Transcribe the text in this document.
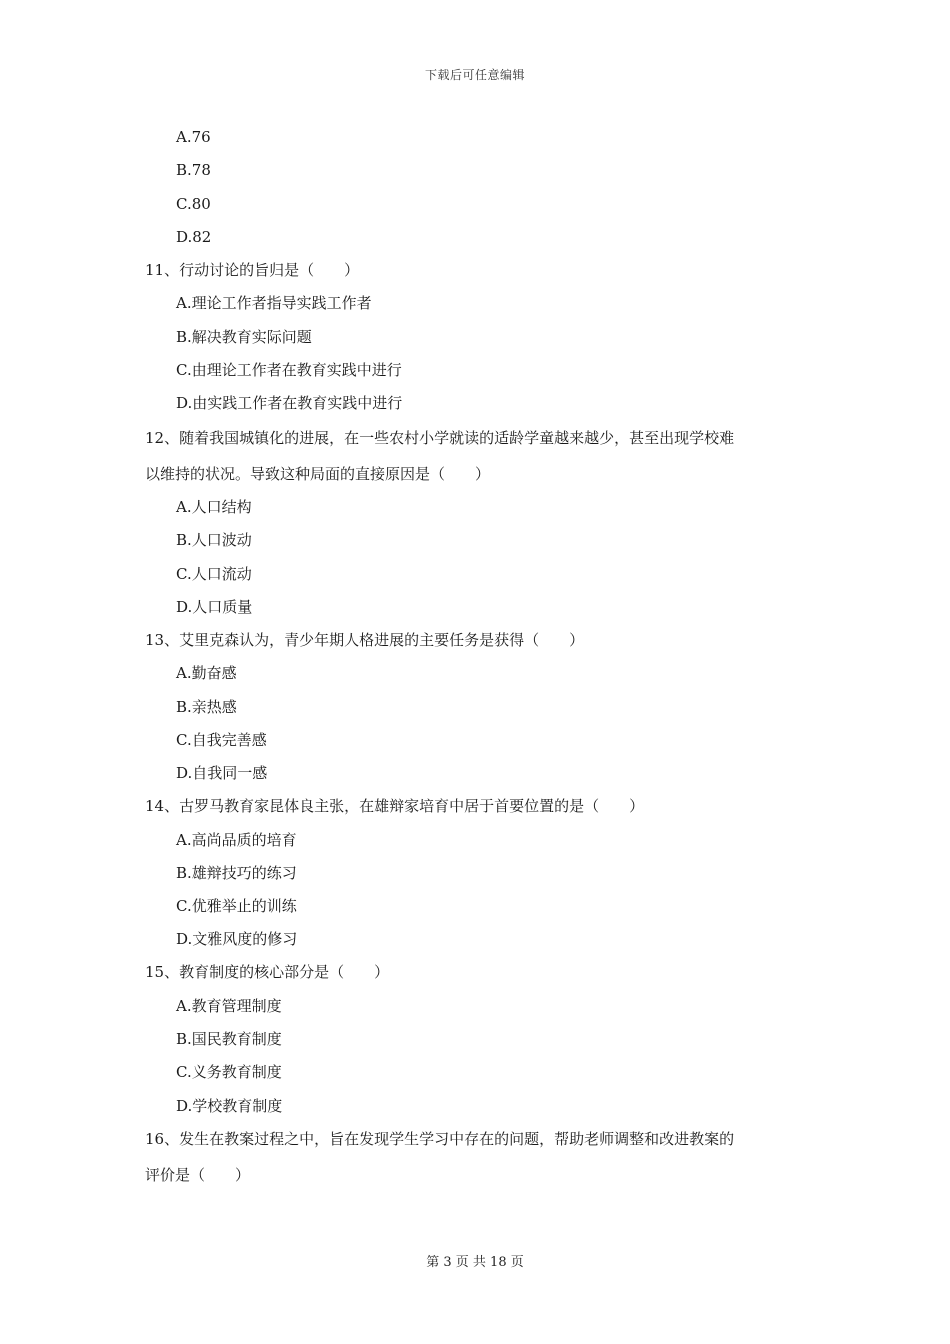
下载后可任意编辑
A.76
B.78
C.80
D.82
11、行动讨论的旨归是（　　）
A.理论工作者指导实践工作者
B.解决教育实际问题
C.由理论工作者在教育实践中进行
D.由实践工作者在教育实践中进行
12、随着我国城镇化的进展，在一些农村小学就读的适龄学童越来越少，甚至出现学校难
以维持的状况。导致这种局面的直接原因是（　　）
A.人口结构
B.人口波动
C.人口流动
D.人口质量
13、艾里克森认为，青少年期人格进展的主要任务是获得（　　）
A.勤奋感
B.亲热感
C.自我完善感
D.自我同一感
14、古罗马教育家昆体良主张，在雄辩家培育中居于首要位置的是（　　）
A.高尚品质的培育
B.雄辩技巧的练习
C.优雅举止的训练
D.文雅风度的修习
15、教育制度的核心部分是（　　）
A.教育管理制度
B.国民教育制度
C.义务教育制度
D.学校教育制度
16、发生在教案过程之中，旨在发现学生学习中存在的问题，帮助老师调整和改进教案的
评价是（　　）
第 3 页 共 18 页
